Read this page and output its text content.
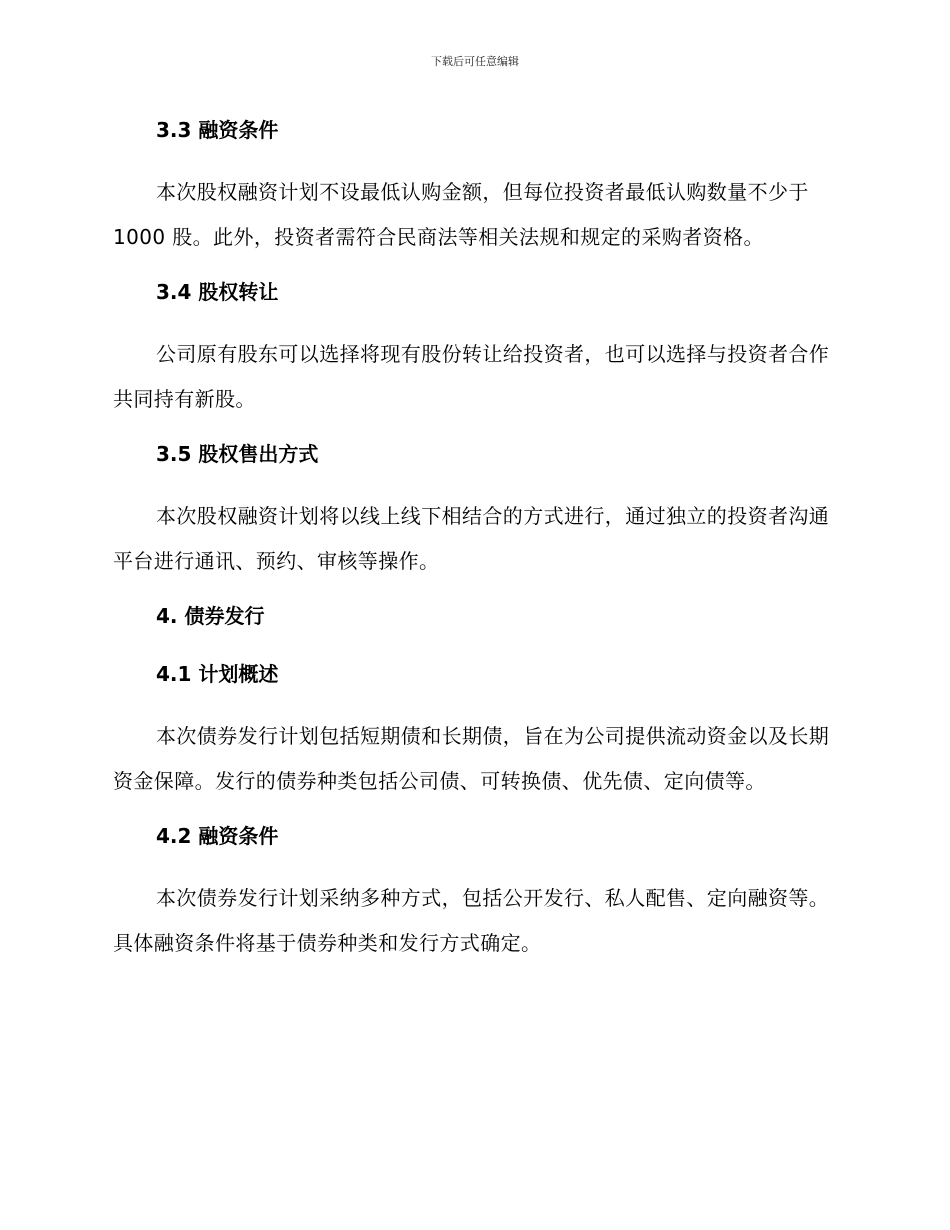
下载后可任意编辑
3.3 融资条件

本次股权融资计划不设最低认购金额，但每位投资者最低认购数量不少于 1000 股。此外，投资者需符合民商法等相关法规和规定的采购者资格。

3.4 股权转让

公司原有股东可以选择将现有股份转让给投资者，也可以选择与投资者合作共同持有新股。

3.5 股权售出方式

本次股权融资计划将以线上线下相结合的方式进行，通过独立的投资者沟通平台进行通讯、预约、审核等操作。

4. 债券发行
4.1 计划概述

本次债券发行计划包括短期债和长期债，旨在为公司提供流动资金以及长期资金保障。发行的债券种类包括公司债、可转换债、优先债、定向债等。

4.2 融资条件

本次债券发行计划采纳多种方式，包括公开发行、私人配售、定向融资等。具体融资条件将基于债券种类和发行方式确定。
